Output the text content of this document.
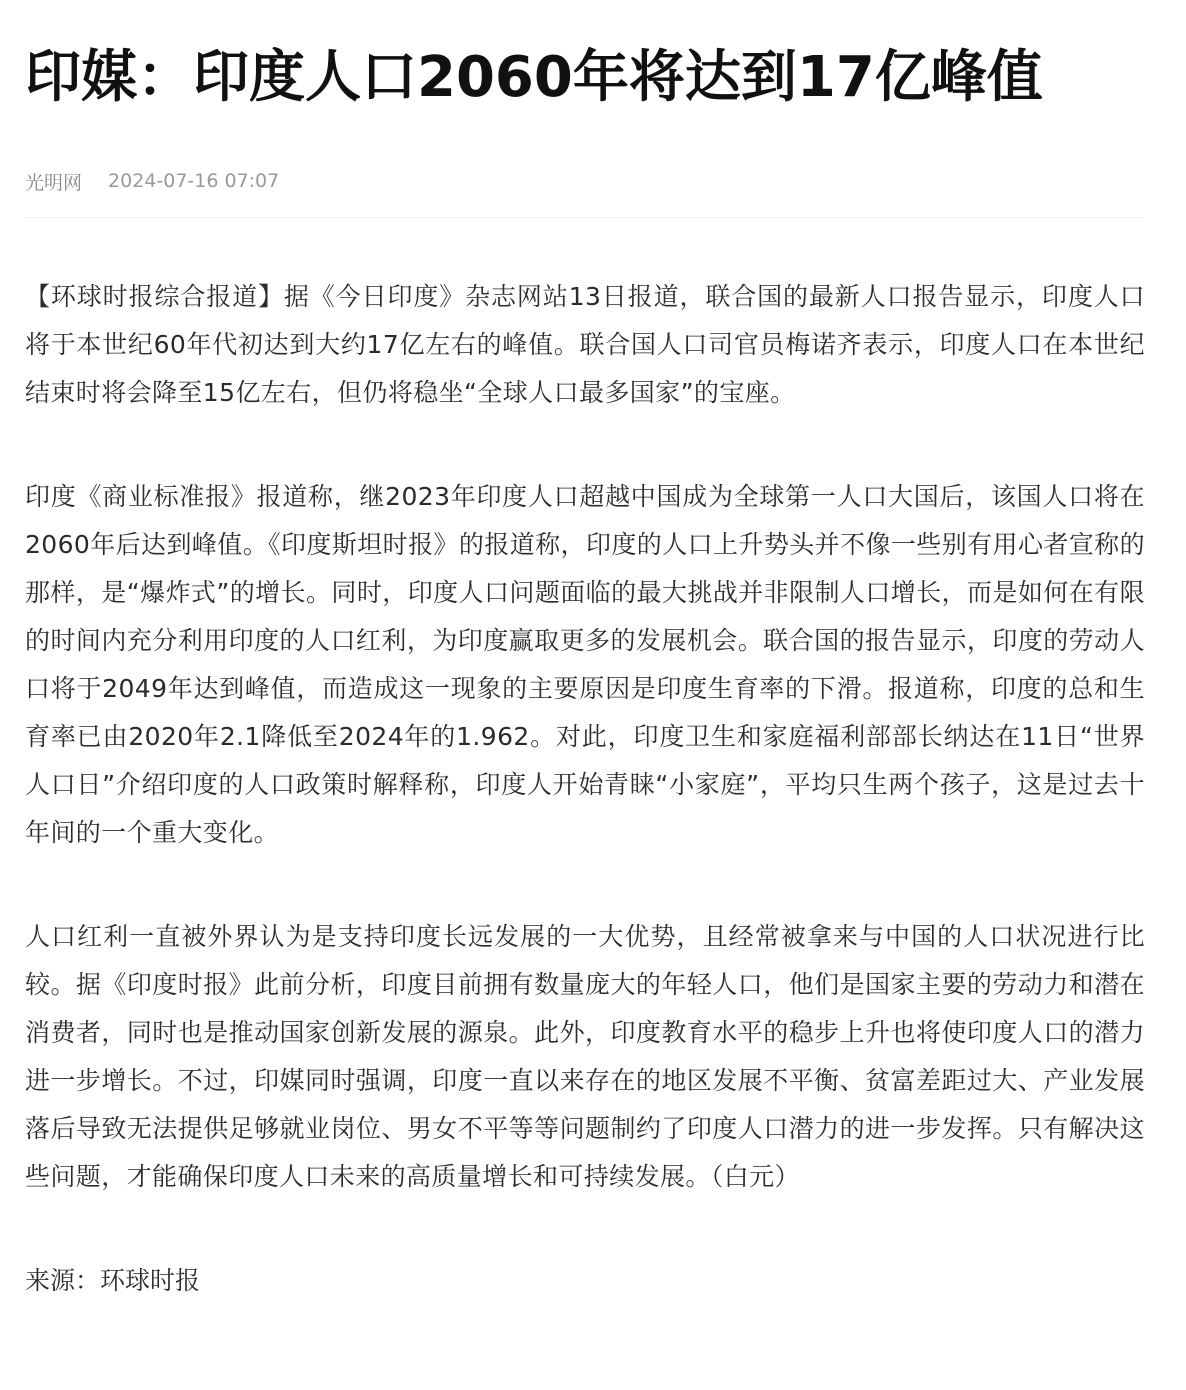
印媒：印度人口2060年将达到17亿峰值
光明网 2024-07-16 07:07

【环球时报综合报道】据《今日印度》杂志网站13日报道，联合国的最新人口报告显示，印度人口将于本世纪60年代初达到大约17亿左右的峰值。联合国人口司官员梅诺齐表示，印度人口在本世纪结束时将会降至15亿左右，但仍将稳坐“全球人口最多国家”的宝座。

印度《商业标准报》报道称，继2023年印度人口超越中国成为全球第一人口大国后，该国人口将在2060年后达到峰值。《印度斯坦时报》的报道称，印度的人口上升势头并不像一些别有用心者宣称的那样，是“爆炸式”的增长。同时，印度人口问题面临的最大挑战并非限制人口增长，而是如何在有限的时间内充分利用印度的人口红利，为印度赢取更多的发展机会。联合国的报告显示，印度的劳动人口将于2049年达到峰值，而造成这一现象的主要原因是印度生育率的下滑。报道称，印度的总和生育率已由2020年2.1降低至2024年的1.962。对此，印度卫生和家庭福利部部长纳达在11日“世界人口日”介绍印度的人口政策时解释称，印度人开始青睐“小家庭”，平均只生两个孩子，这是过去十年间的一个重大变化。

人口红利一直被外界认为是支持印度长远发展的一大优势，且经常被拿来与中国的人口状况进行比较。据《印度时报》此前分析，印度目前拥有数量庞大的年轻人口，他们是国家主要的劳动力和潜在消费者，同时也是推动国家创新发展的源泉。此外，印度教育水平的稳步上升也将使印度人口的潜力进一步增长。不过，印媒同时强调，印度一直以来存在的地区发展不平衡、贫富差距过大、产业发展落后导致无法提供足够就业岗位、男女不平等等问题制约了印度人口潜力的进一步发挥。只有解决这些问题，才能确保印度人口未来的高质量增长和可持续发展。（白元）

来源：环球时报
